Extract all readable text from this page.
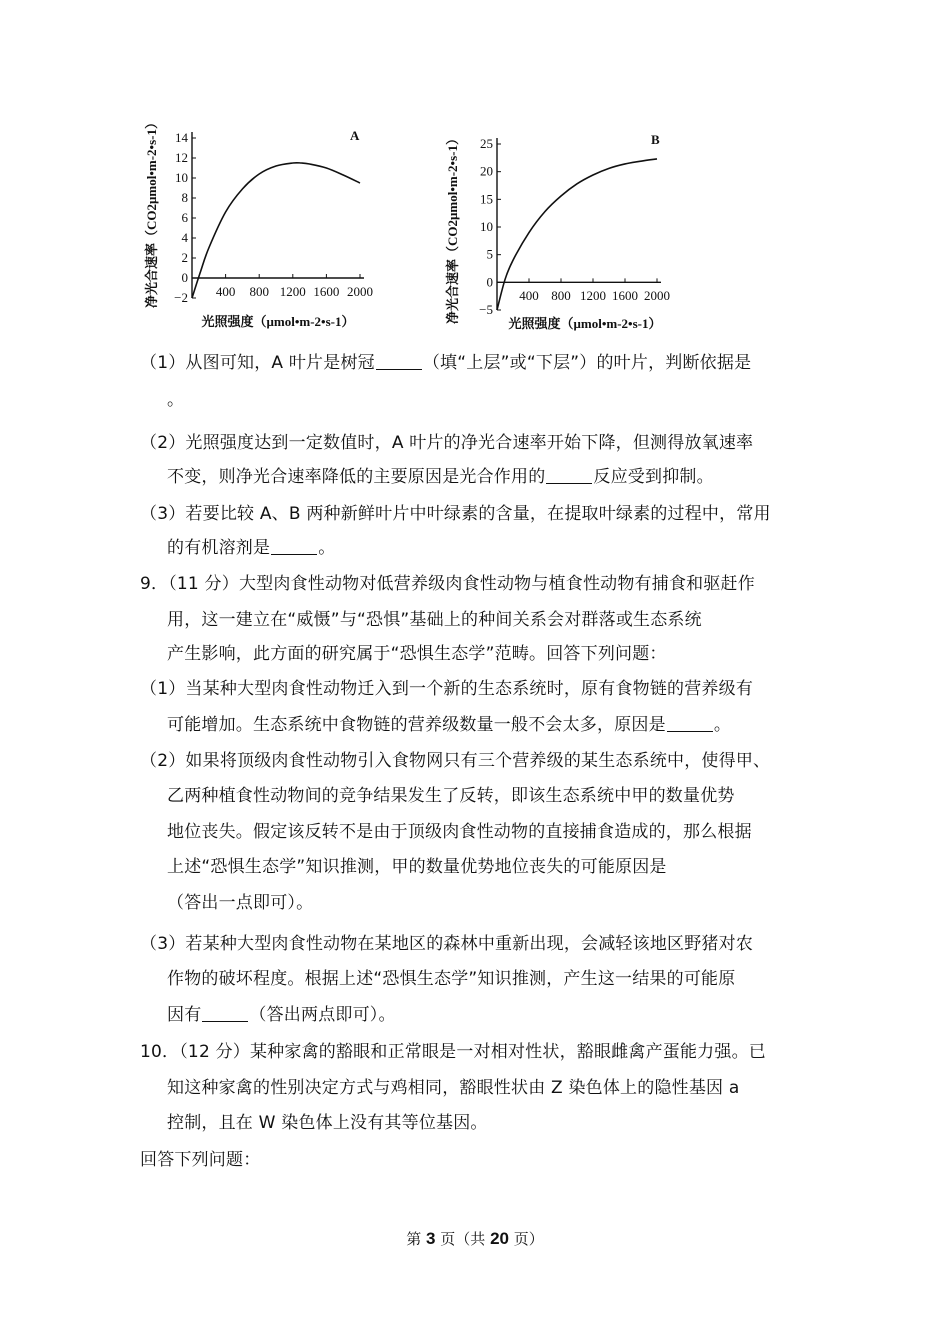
−2
0
2
4
6
8
10
12
14
400 800 1200 1600 2000
A
光照强度（μmol•m-2•s-1）
净光合速率（CO2μmol•m-2•s-1）
−5
0
5
10
15
20
25
400 800 1200 1600 2000
B
光照强度（μmol•m-2•s-1）
净光合速率（CO2μmol•m-2•s-1）
（1）从图可知，A 叶片是树冠	（填“上层”或“下层”）的叶片，判断依据是
。
（2）光照强度达到一定数值时，A 叶片的净光合速率开始下降，但测得放氧速率
不变，则净光合速率降低的主要原因是光合作用的	反应受到抑制。
（3）若要比较 A、B 两种新鲜叶片中叶绿素的含量，在提取叶绿素的过程中，常用
的有机溶剂是	。
9．（11 分）大型肉食性动物对低营养级肉食性动物与植食性动物有捕食和驱赶作
用，这一建立在“威慑”与“恐惧”基础上的种间关系会对群落或生态系统
产生影响，此方面的研究属于“恐惧生态学”范畴。回答下列问题：
（1）当某种大型肉食性动物迁入到一个新的生态系统时，原有食物链的营养级有
可能增加。生态系统中食物链的营养级数量一般不会太多，原因是	。
（2）如果将顶级肉食性动物引入食物网只有三个营养级的某生态系统中，使得甲、
乙两种植食性动物间的竞争结果发生了反转，即该生态系统中甲的数量优势
地位丧失。假定该反转不是由于顶级肉食性动物的直接捕食造成的，那么根据
上述“恐惧生态学”知识推测，甲的数量优势地位丧失的可能原因是
（答出一点即可）。
（3）若某种大型肉食性动物在某地区的森林中重新出现，会减轻该地区野猪对农
作物的破坏程度。根据上述“恐惧生态学”知识推测，产生这一结果的可能原
因有	（答出两点即可）。
10．（12 分）某种家禽的豁眼和正常眼是一对相对性状，豁眼雌禽产蛋能力强。已
知这种家禽的性别决定方式与鸡相同，豁眼性状由 Z 染色体上的隐性基因 a
控制，且在 W 染色体上没有其等位基因。
回答下列问题：
第 3 页（共 20 页）
